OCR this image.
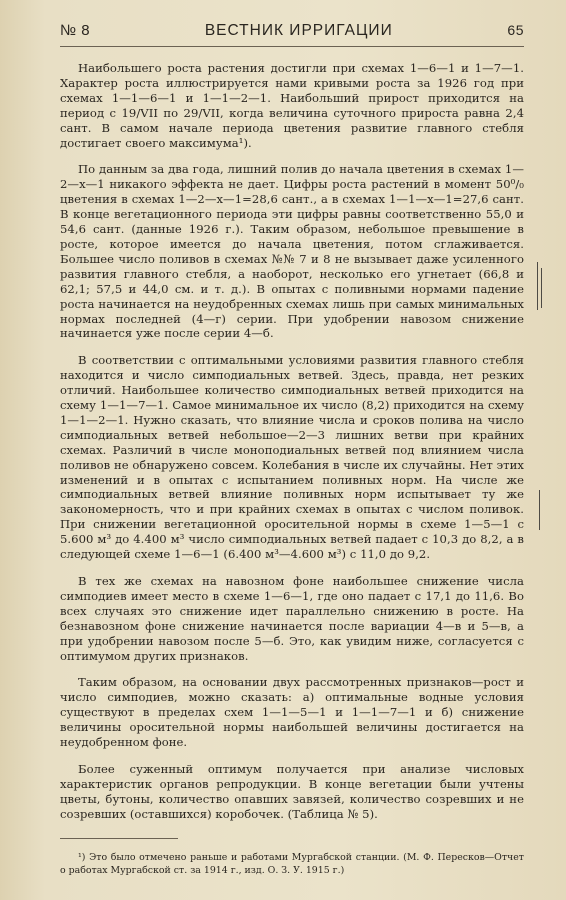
№ 8	ВЕСТНИК ИРРИГАЦИИ	65

Наибольшего роста растения достигли при схемах 1—6—1 и 1—7—1. Характер роста иллюстрируется нами кривыми роста за 1926 год при схемах 1—1—6—1 и 1—1—2—1. Наибольший прирост приходится на период с 19/VII по 29/VII, когда величина суточного прироста равна 2,4 сант. В самом начале периода цветения развитие главного стебля достигает своего максимума¹).

По данным за два года, лишний полив до начала цветения в схемах 1—2—х—1 никакого эффекта не дает. Цифры роста растений в момент 50⁰/₀ цветения в схемах 1—2—х—1=28,6 сант., а в схемах 1—1—х—1=27,6 сант. В конце вегетационного периода эти цифры равны соответственно 55,0 и 54,6 сант. (данные 1926 г.). Таким образом, небольшое превышение в росте, которое имеется до начала цветения, потом сглаживается. Большее число поливов в схемах №№ 7 и 8 не вызывает даже усиленного развития главного стебля, а наоборот, несколько его угнетает (66,8 и 62,1; 57,5 и 44,0 см. и т. д.). В опытах с поливными нормами падение роста начинается на неудобренных схемах лишь при самых минимальных нормах последней (4—г) серии. При удобрении навозом снижение начинается уже после серии 4—б.

В соответствии с оптимальными условиями развития главного стебля находится и число симподиальных ветвей. Здесь, правда, нет резких отличий. Наибольшее количество симподиальных ветвей приходится на схему 1—1—7—1. Самое минимальное их число (8,2) приходится на схему 1—1—2—1. Нужно сказать, что влияние числа и сроков полива на число симподиальных ветвей небольшое—2—3 лишних ветви при крайних схемах. Различий в числе моноподиальных ветвей под влиянием числа поливов не обнаружено совсем. Колебания в числе их случайны. Нет этих изменений и в опытах с испытанием поливных норм. На числе же симподиальных ветвей влияние поливных норм испытывает ту же закономерность, что и при крайних схемах в опытах с числом поливок. При снижении вегетационной оросительной нормы в схеме 1—5—1 с 5.600 м³ до 4.400 м³ число симподиальных ветвей падает с 10,3 до 8,2, а в следующей схеме 1—6—1 (6.400 м³—4.600 м³) с 11,0 до 9,2.

В тех же схемах на навозном фоне наибольшее снижение числа симподиев имеет место в схеме 1—6—1, где оно падает с 17,1 до 11,6. Во всех случаях это снижение идет параллельно снижению в росте. На безнавозном фоне снижение начинается после вариации 4—в и 5—в, а при удобрении навозом после 5—б. Это, как увидим ниже, согласуется с оптимумом других признаков.

Таким образом, на основании двух рассмотренных признаков—рост и число симподиев, можно сказать: а) оптимальные водные условия существуют в пределах схем 1—1—5—1 и 1—1—7—1 и б) снижение величины оросительной нормы наибольшей величины достигается на неудобренном фоне.

Более суженный оптимум получается при анализе числовых характеристик органов репродукции. В конце вегетации были учтены цветы, бутоны, количество опавших завязей, количество созревших и не созревших (оставшихся) коробочек. (Таблица № 5).

¹) Это было отмечено раньше и работами Мургабской станции. (М. Ф. Пересков—Отчет о работах Мургабской ст. за 1914 г., изд. О. З. У. 1915 г.)
